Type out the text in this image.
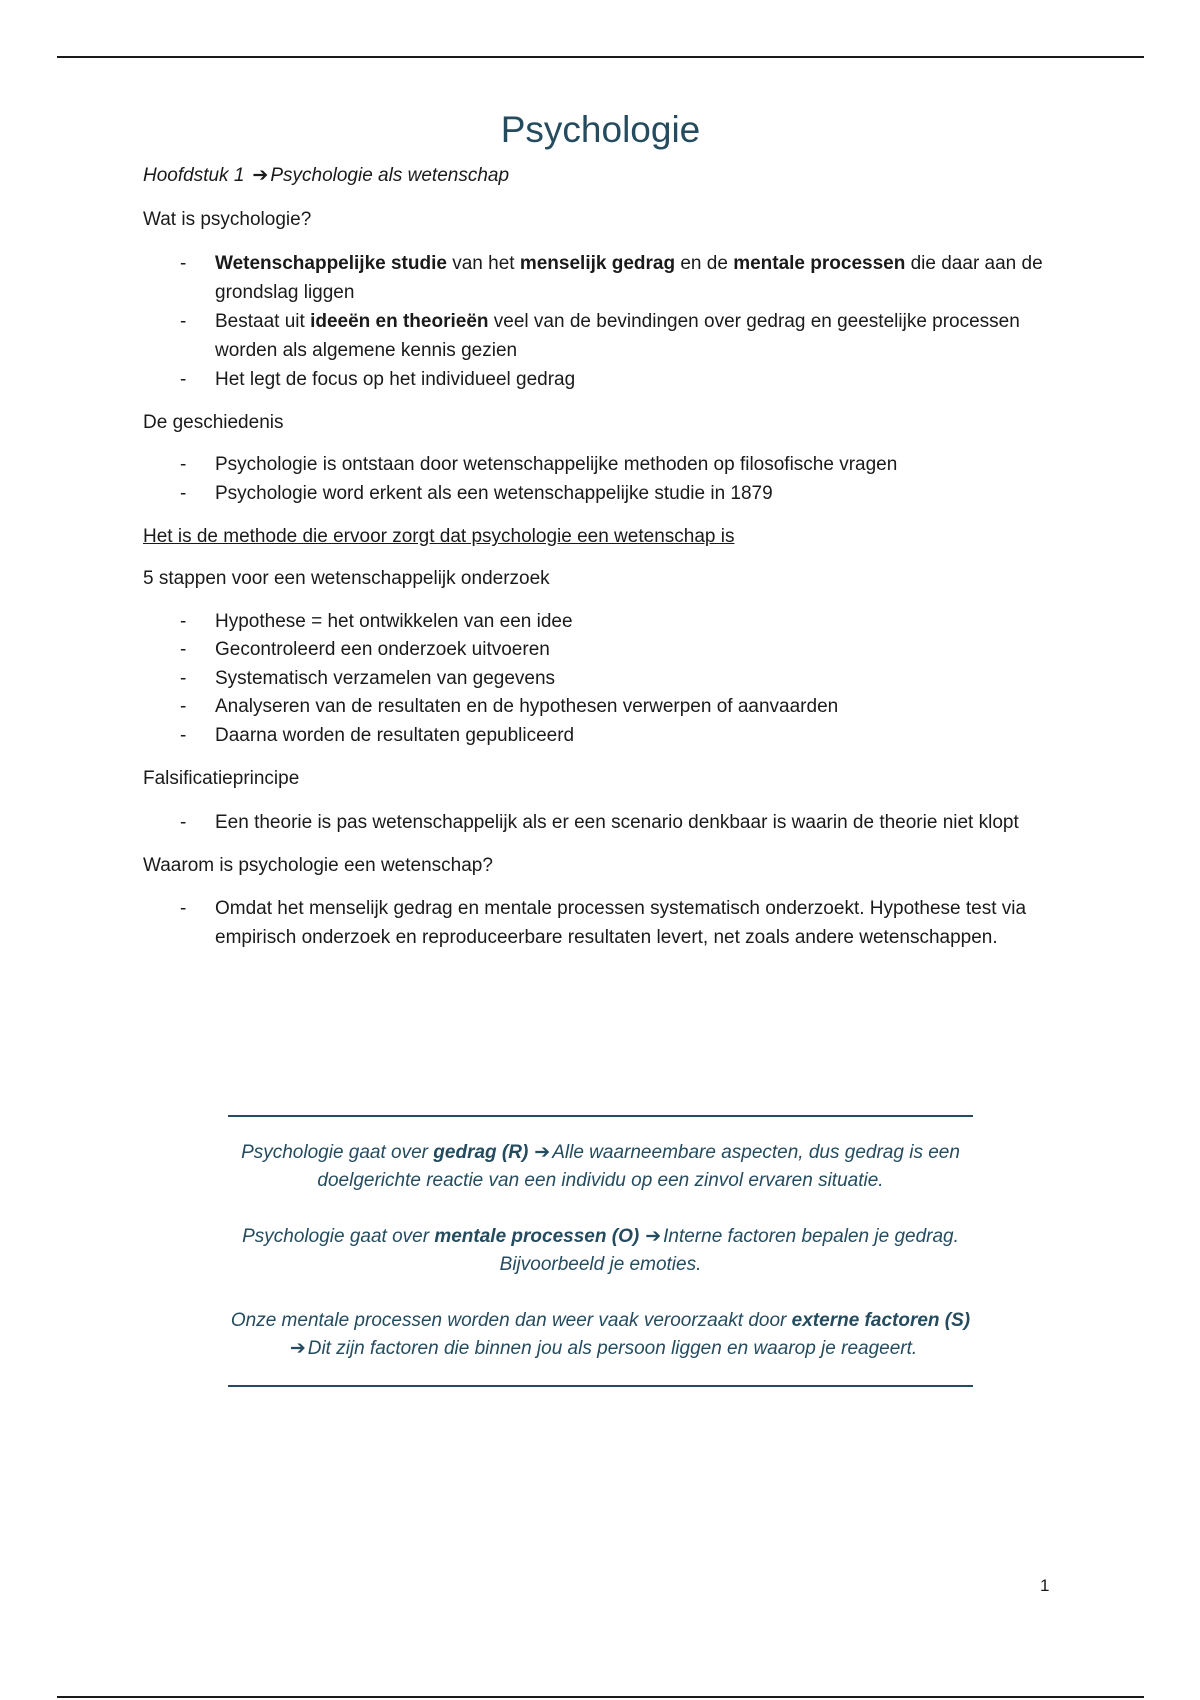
Psychologie

Hoofdstuk 1 ➔ Psychologie als wetenschap

Wat is psychologie?

- Wetenschappelijke studie van het menselijk gedrag en de mentale processen die daar aan de grondslag liggen
- Bestaat uit ideeën en theorieën veel van de bevindingen over gedrag en geestelijke processen worden als algemene kennis gezien
- Het legt de focus op het individueel gedrag

De geschiedenis

- Psychologie is ontstaan door wetenschappelijke methoden op filosofische vragen
- Psychologie word erkent als een wetenschappelijke studie in 1879

Het is de methode die ervoor zorgt dat psychologie een wetenschap is

5 stappen voor een wetenschappelijk onderzoek

- Hypothese = het ontwikkelen van een idee
- Gecontroleerd een onderzoek uitvoeren
- Systematisch verzamelen van gegevens
- Analyseren van de resultaten en de hypothesen verwerpen of aanvaarden
- Daarna worden de resultaten gepubliceerd

Falsificatieprincipe

- Een theorie is pas wetenschappelijk als er een scenario denkbaar is waarin de theorie niet klopt

Waarom is psychologie een wetenschap?

- Omdat het menselijk gedrag en mentale processen systematisch onderzoekt. Hypothese test via empirisch onderzoek en reproduceerbare resultaten levert, net zoals andere wetenschappen.

Psychologie gaat over gedrag (R) ➔ Alle waarneembare aspecten, dus gedrag is een doelgerichte reactie van een individu op een zinvol ervaren situatie.

Psychologie gaat over mentale processen (O) ➔ Interne factoren bepalen je gedrag. Bijvoorbeeld je emoties.

Onze mentale processen worden dan weer vaak veroorzaakt door externe factoren (S)➔ Dit zijn factoren die binnen jou als persoon liggen en waarop je reageert.

1
